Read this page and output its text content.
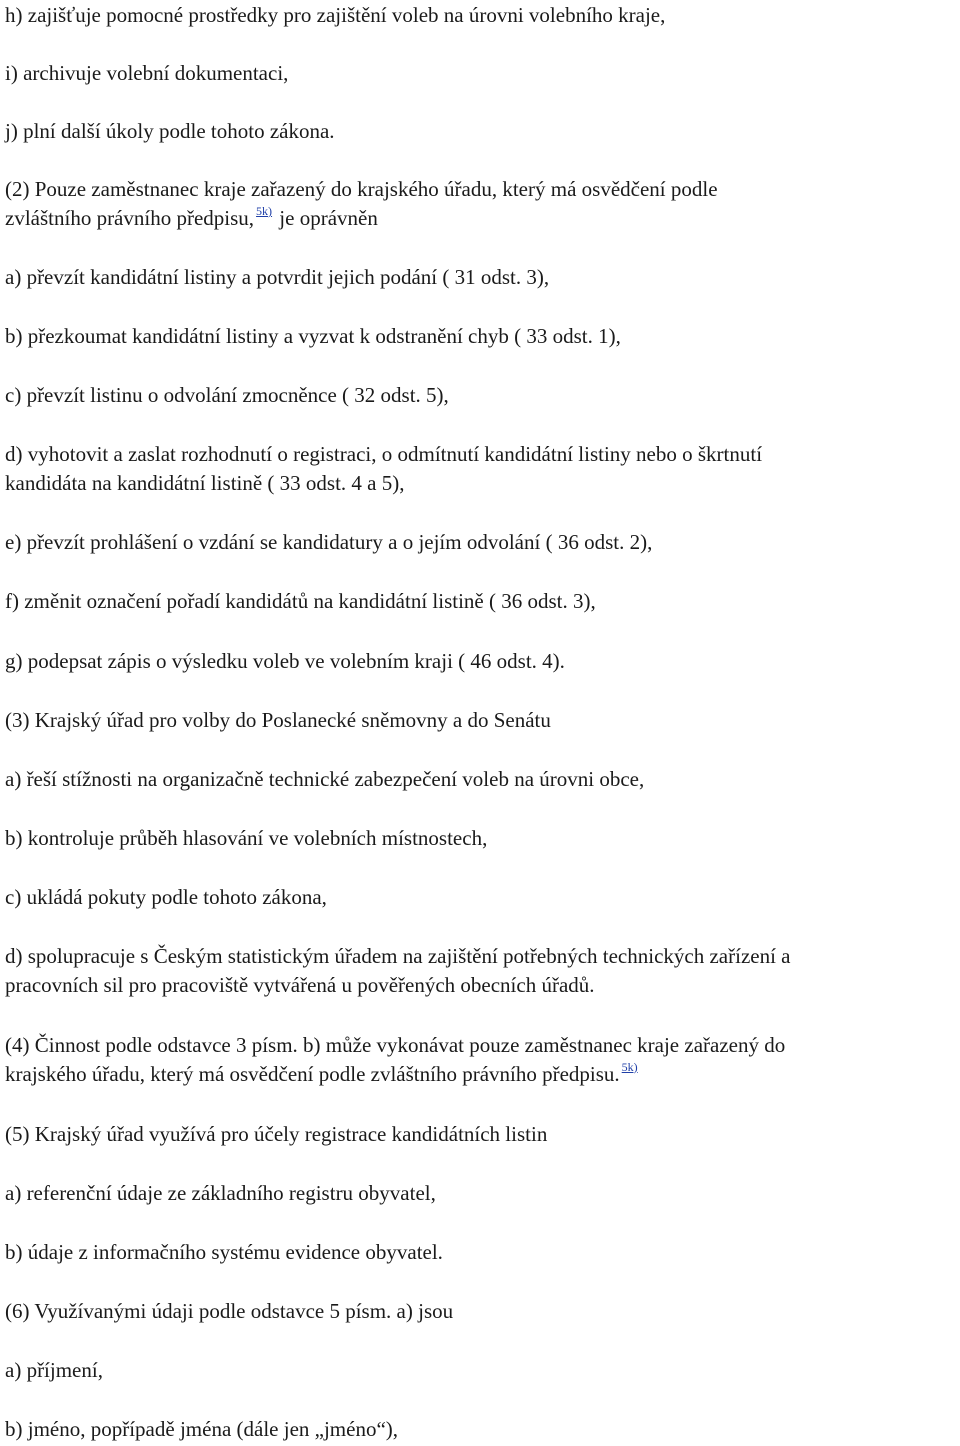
h) zajišťuje pomocné prostředky pro zajištění voleb na úrovni volebního kraje,
i) archivuje volební dokumentaci,
j) plní další úkoly podle tohoto zákona.
(2) Pouze zaměstnanec kraje zařazený do krajského úřadu, který má osvědčení podle
zvláštního právního předpisu, $^{5k)}$ je oprávněn
a) převzít kandidátní listiny a potvrdit jejich podání ( 31 odst. 3),
b) přezkoumat kandidátní listiny a vyzvat k odstranění chyb ( 33 odst. 1),
c) převzít listinu o odvolání zmocněnce ( 32 odst. 5),
d) vyhotovit a zaslat rozhodnutí o registraci, o odmítnutí kandidátní listiny nebo o škrtnutí
kandidáta na kandidátní listině ( 33 odst. 4 a 5),
e) převzít prohlášení o vzdání se kandidatury a o jejím odvolání ( 36 odst. 2),
f) změnit označení pořadí kandidátů na kandidátní listině ( 36 odst. 3),
g) podepsat zápis o výsledku voleb ve volebním kraji ( 46 odst. 4).
(3) Krajský úřad pro volby do Poslanecké sněmovny a do Senátu
a) řeší stížnosti na organizačně technické zabezpečení voleb na úrovni obce,
b) kontroluje průběh hlasování ve volebních místnostech,
c) ukládá pokuty podle tohoto zákona,
d) spolupracuje s Českým statistickým úřadem na zajištění potřebných technických zařízení a
pracovních sil pro pracoviště vytvářená u pověřených obecních úřadů.
(4) Činnost podle odstavce 3 písm. b) může vykonávat pouze zaměstnanec kraje zařazený do
krajského úřadu, který má osvědčení podle zvláštního právního předpisu. $^{5k)}$
(5) Krajský úřad využívá pro účely registrace kandidátních listin
a) referenční údaje ze základního registru obyvatel,
b) údaje z informačního systému evidence obyvatel.
(6) Využívanými údaji podle odstavce 5 písm. a) jsou
a) příjmení,
b) jméno, popřípadě jména (dále jen „jméno“),
